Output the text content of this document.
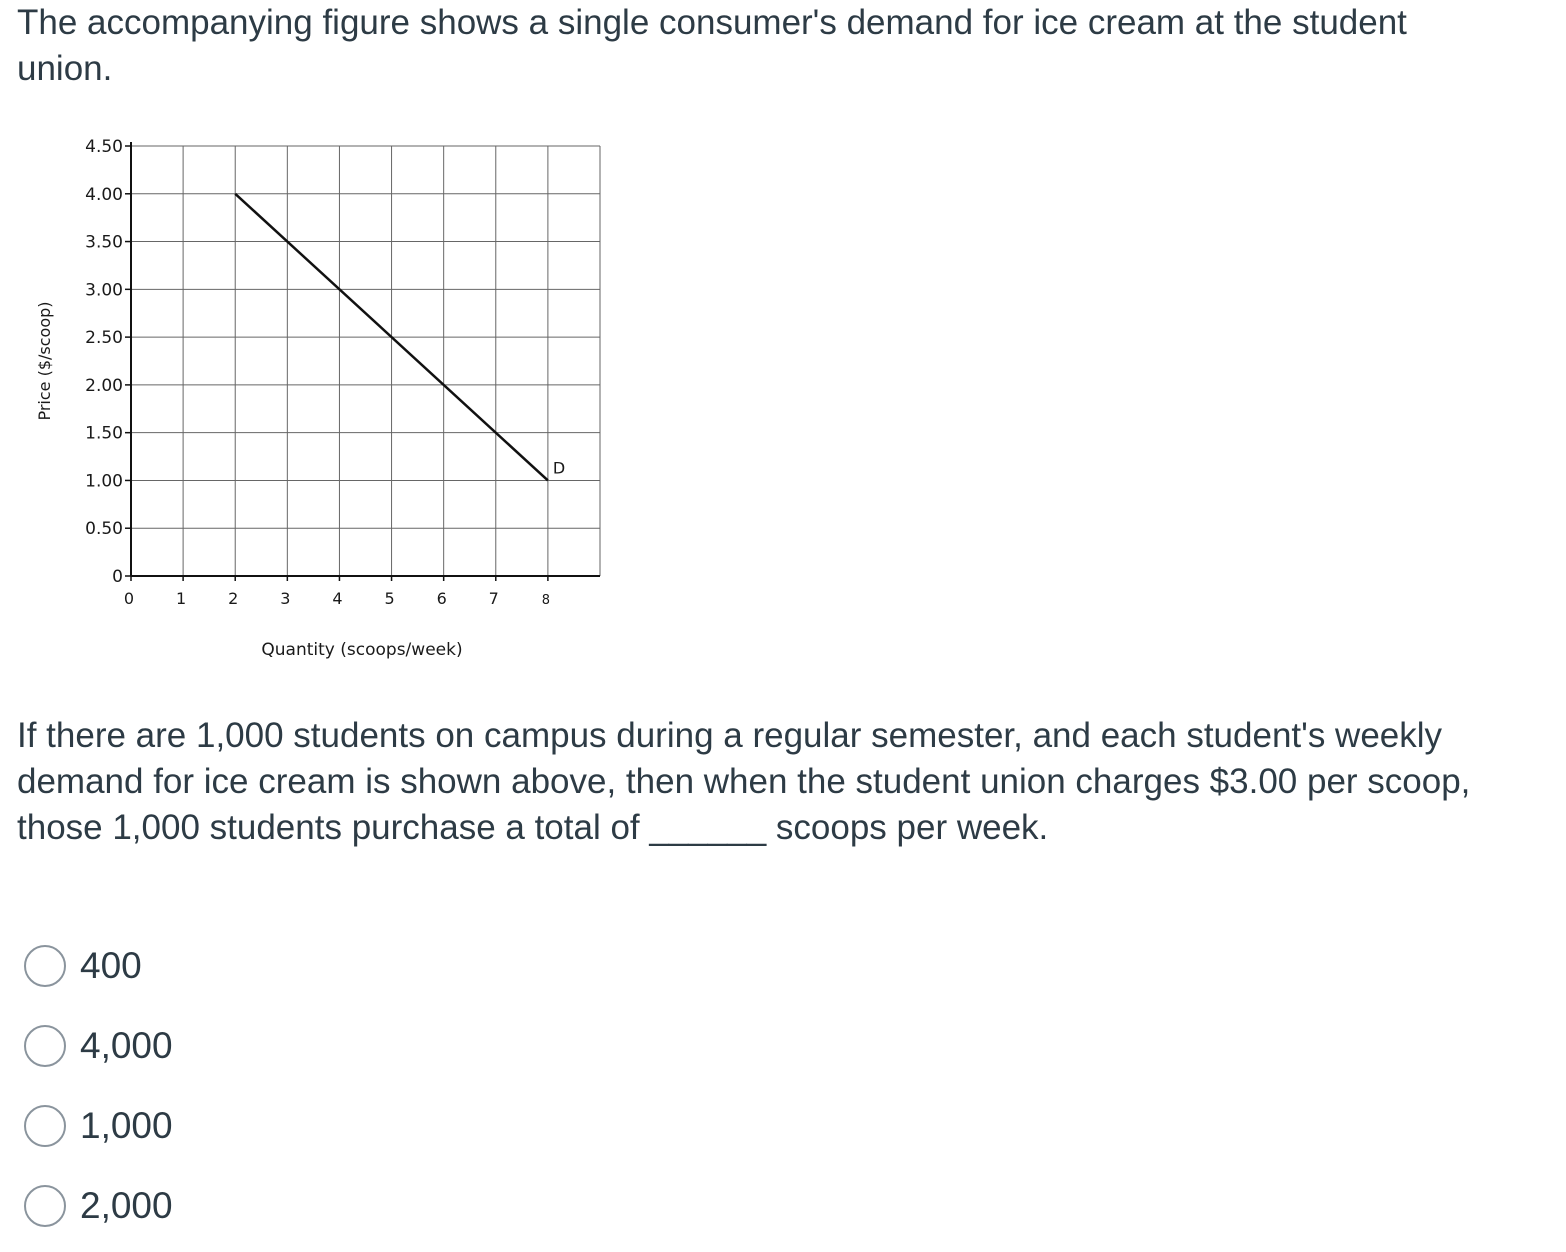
The accompanying figure shows a single consumer's demand for ice cream at the student union.

0
0.50
1.00
1.50
2.00
2.50
3.00
3.50
4.00
4.50
0	1	2	3	4	5	6	7	8
D
Quantity (scoops/week)
Price ($/scoop)

If there are 1,000 students on campus during a regular semester, and each student's weekly demand for ice cream is shown above, then when the student union charges $3.00 per scoop, those 1,000 students purchase a total of ______ scoops per week.

400
4,000
1,000
2,000
